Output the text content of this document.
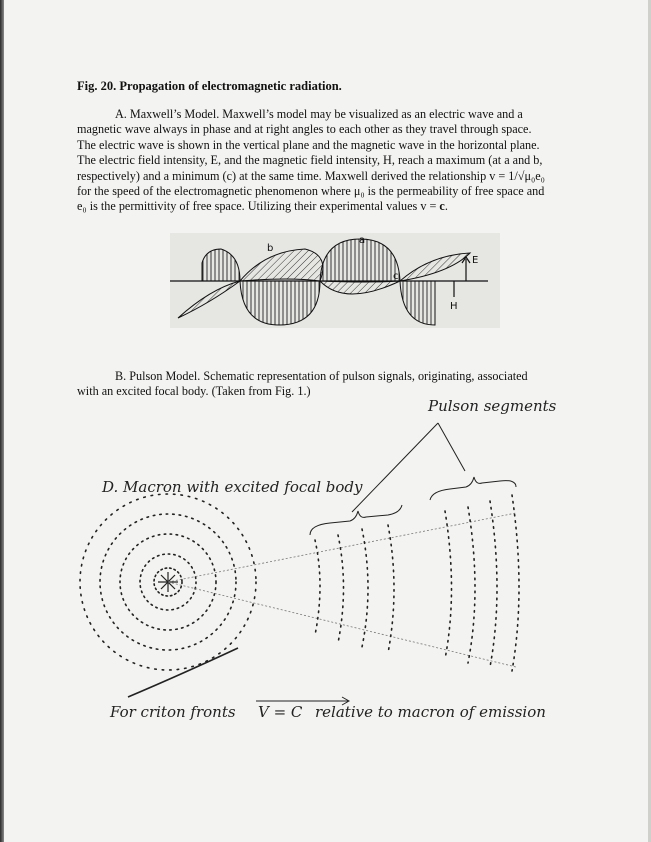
Fig. 20. Propagation of electromagnetic radiation.
A. Maxwell’s Model. Maxwell’s model may be visualized as an electric wave and a
magnetic wave always in phase and at right angles to each other as they travel through space.
The electric wave is shown in the vertical plane and the magnetic wave in the horizontal plane.
The electric field intensity, E, and the magnetic field intensity, H, reach a maximum (at a and b,
respectively) and a minimum (c) at the same time. Maxwell derived the relationship v = 1/√μ₀e₀
for the speed of the electromagnetic phenomenon where μ₀ is the permeability of free space and
e₀ is the permittivity of free space. Utilizing their experimental values v = c.
a
b
c
E
H
B. Pulson Model. Schematic representation of pulson signals, originating, associated
with an excited focal body. (Taken from Fig. 1.)
Pulson segments
D. Macron with excited focal body
For criton fronts V = C relative to macron of emission
